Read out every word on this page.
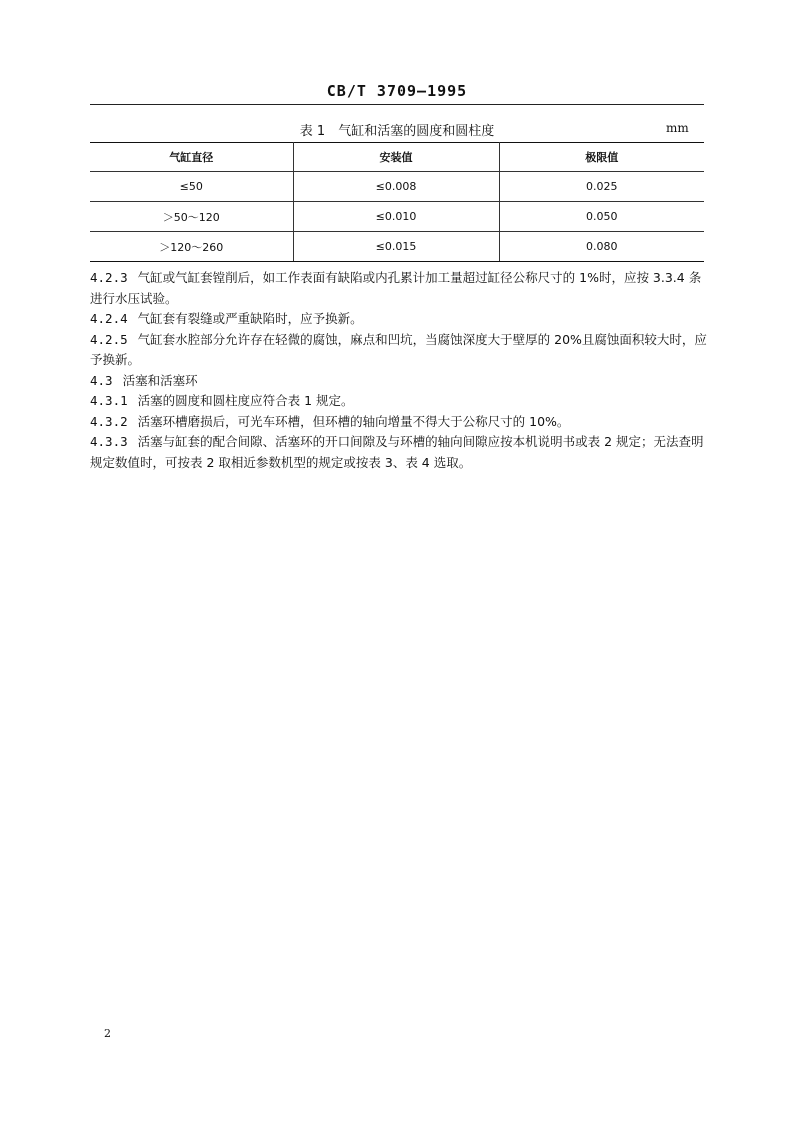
CB/T 3709—1995
表 1　气缸和活塞的圆度和圆柱度	mm
气缸直径	安装值	极限值
≤50	≤0.008	0.025
＞50～120	≤0.010	0.050
＞120～260	≤0.015	0.080

4.2.3 气缸或气缸套镗削后，如工作表面有缺陷或内孔累计加工量超过缸径公称尺寸的 1%时，应按 3.3.4 条进行水压试验。

4.2.4 气缸套有裂缝或严重缺陷时，应予换新。

4.2.5 气缸套水腔部分允许存在轻微的腐蚀，麻点和凹坑，当腐蚀深度大于壁厚的 20%且腐蚀面积较大时，应予换新。

4.3 活塞和活塞环

4.3.1 活塞的圆度和圆柱度应符合表 1 规定。

4.3.2 活塞环槽磨损后，可光车环槽，但环槽的轴向增量不得大于公称尺寸的 10%。

4.3.3 活塞与缸套的配合间隙、活塞环的开口间隙及与环槽的轴向间隙应按本机说明书或表 2 规定；无法查明规定数值时，可按表 2 取相近参数机型的规定或按表 3、表 4 选取。

2
